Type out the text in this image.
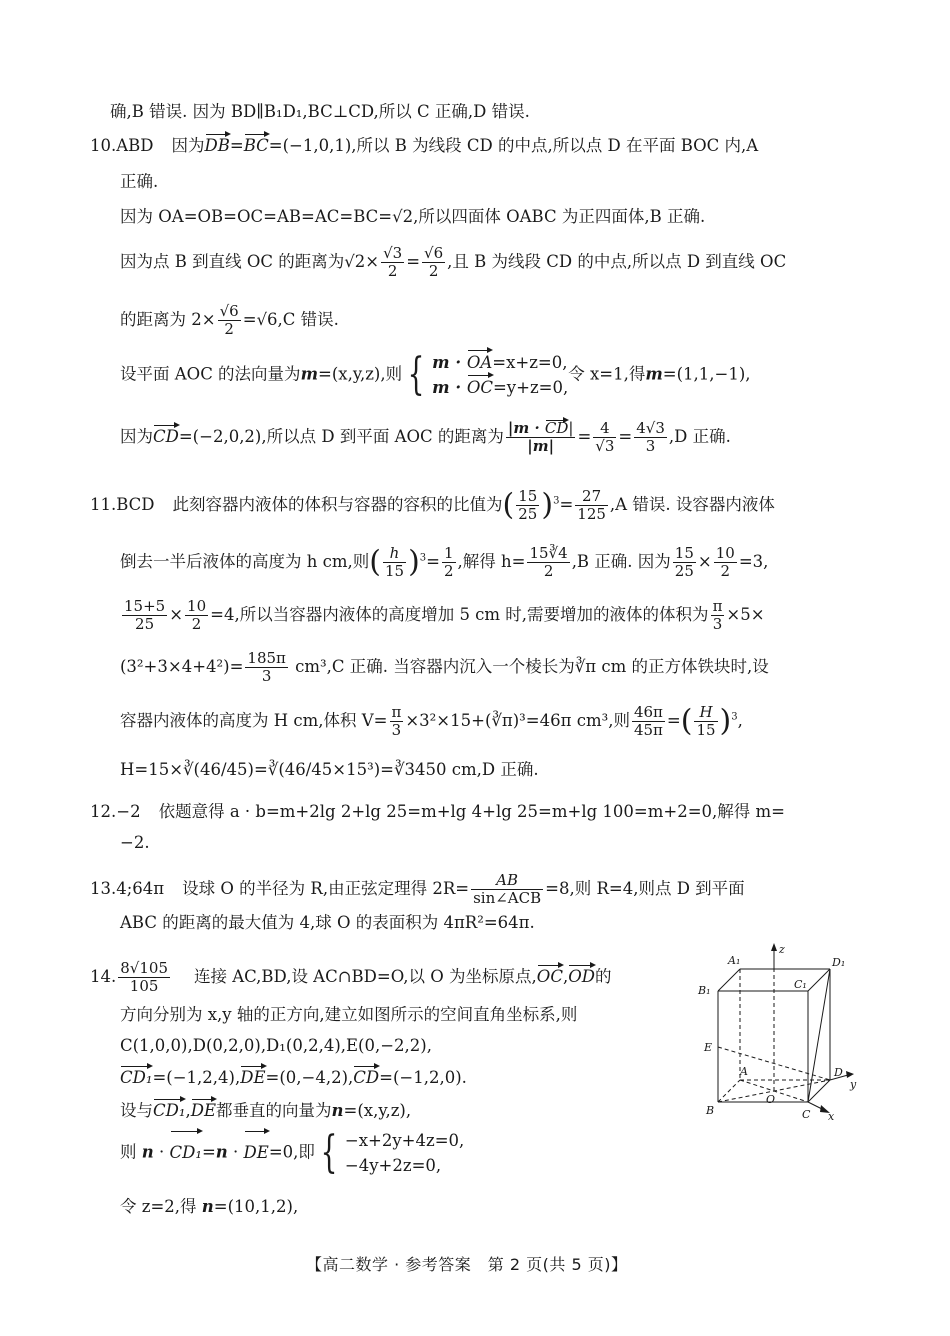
确,B 错误. 因为 BD∥B₁D₁,BC⊥CD,所以 C 正确,D 错误.
10.ABD 因为DB=BC=(−1,0,1),所以 B 为线段 CD 的中点,所以点 D 在平面 BOC 内,A
正确.
因为 OA=OB=OC=AB=AC=BC=√2,所以四面体 OABC 为正四面体,B 正确.
因为点 B 到直线 OC 的距离为$√2\times \frac{√3}{2} = \frac{√6}{2}$ ,且 B 为线段 CD 的中点,所以点 D 到直线 OC
的距离为 $2\times \frac{√6}{2} =√6,C$ 错误.
设平面 AOC 的法向量为m=(x,y,z),则 { m · OA=x+z=0,
m · OC=y+z=0,
令 x=1,得m=(1,1,−1),
因为CD=(−2,0,2),所以点 D 到平面 AOC 的距离为 $\frac{|m \cdot CD|}{|m|} = \frac{4}{√3} = \frac{4√3}{3} ,D$ 正确.
11.BCD 此刻容器内液体的体积与容器的容积的比值为( $\frac{15}{25} )^3= \frac{27}{125} ,A$ 错误. 设容器内液体
倒去一半后液体的高度为 h cm,则( $\frac{h}{15} )^3= \frac{1}{2}$ ,解得 $h= \frac{15∛4}{2} ,B$ 正确. 因为 $\frac{15}{25} \times \frac{10}{2} =3$,
$\frac{15+5}{25} \times \frac{10}{2} =4$,所以当容器内液体的高度增加 5 cm 时,需要增加的液体的体积为 $\frac{\pi}{3} \times 5\times$
$(3^2+3\times 4+4^2)= \frac{185\pi}{3} cm^3,C$ 正确. 当容器内沉入一个棱长为∛π cm 的正方体铁块时,设
容器内液体的高度为 H cm,体积 $V= \frac{\pi}{3}$ ×3²×15+(∛π)³=46π cm³,则 $\frac{46\pi}{45\pi}$ =( $\frac{H}{15} )^3$,
H=15×∛(46/45)=∛(46/45×15³)=∛3450 cm,D 正确.
12.−2 依题意得 a · b=m+2lg 2+lg 25=m+lg 4+lg 25=m+lg 100=m+2=0,解得 m=
−2.
13.4;64π 设球 O 的半径为 R,由正弦定理得 $2R= \frac{AB}{\text{sin∠ACB}} =8$,则 R=4,则点 D 到平面
ABC 的距离的最大值为 4,球 O 的表面积为 4πR²=64π.
14. $\frac{8√105}{105}$ 连接 AC,BD,设 AC∩BD=O,以 O 为坐标原点,OC,OD的
方向分别为 x,y 轴的正方向,建立如图所示的空间直角坐标系,则
C(1,0,0),D(0,2,0),D₁(0,2,4),E(0,−2,2),
CD₁=(−1,2,4),DE=(0,−4,2),CD=(−1,2,0).
设与CD₁,DE都垂直的向量为n=(x,y,z),
则 n · CD₁=n · DE=0,即 { −x+2y+4z=0,
−4y+2z=0,
令 z=2,得 n=(10,1,2),
z
A₁	D₁
C₁
B₁
E
A	D
y
O
B	C x
【高二数学 · 参考答案　第 2 页(共 5 页)】
